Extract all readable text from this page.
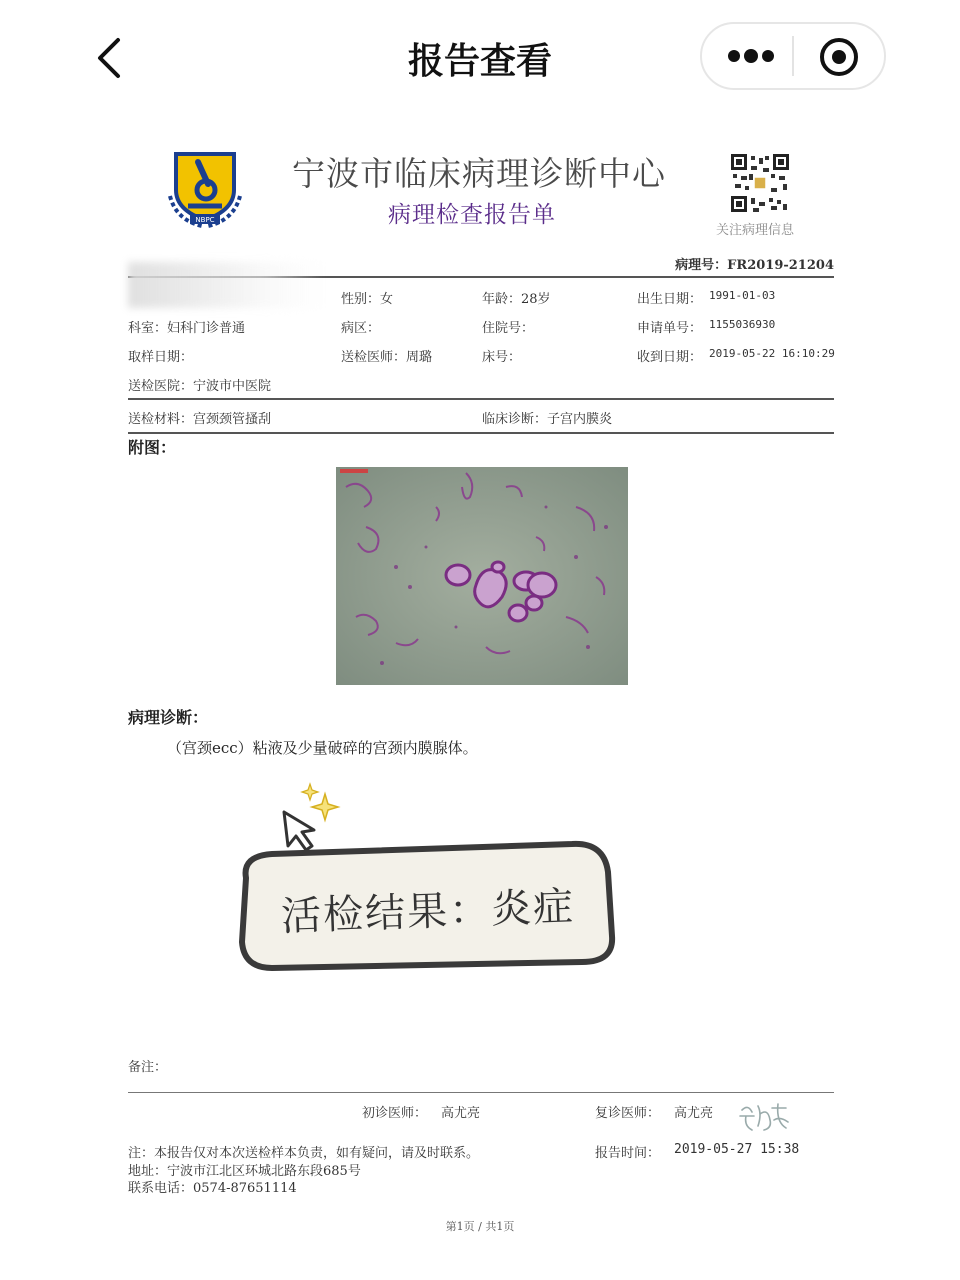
报告查看
NBPC
宁波市临床病理诊断中心
病理检查报告单
关注病理信息
病理号：FR2019-21204
性别：女	年龄：28岁	出生日期： 1991-01-03
科室：妇科门诊普通	病区：	住院号：	申请单号： 1155036930
取样日期：	送检医师：周璐	床号：	收到日期： 2019-05-22 16:10:29
送检医院：宁波市中医院
送检材料：宫颈颈管搔刮	临床诊断：子宫内膜炎
附图：
病理诊断：
（宫颈ecc）粘液及少量破碎的宫颈内膜腺体。
活检结果：炎症
备注：
初诊医师： 高尤亮	复诊医师： 高尤亮
注：本报告仅对本次送检样本负责，如有疑问，请及时联系。	报告时间： 2019-05-27 15:38
地址：宁波市江北区环城北路东段685号
联系电话：0574-87651114
第1页 / 共1页
